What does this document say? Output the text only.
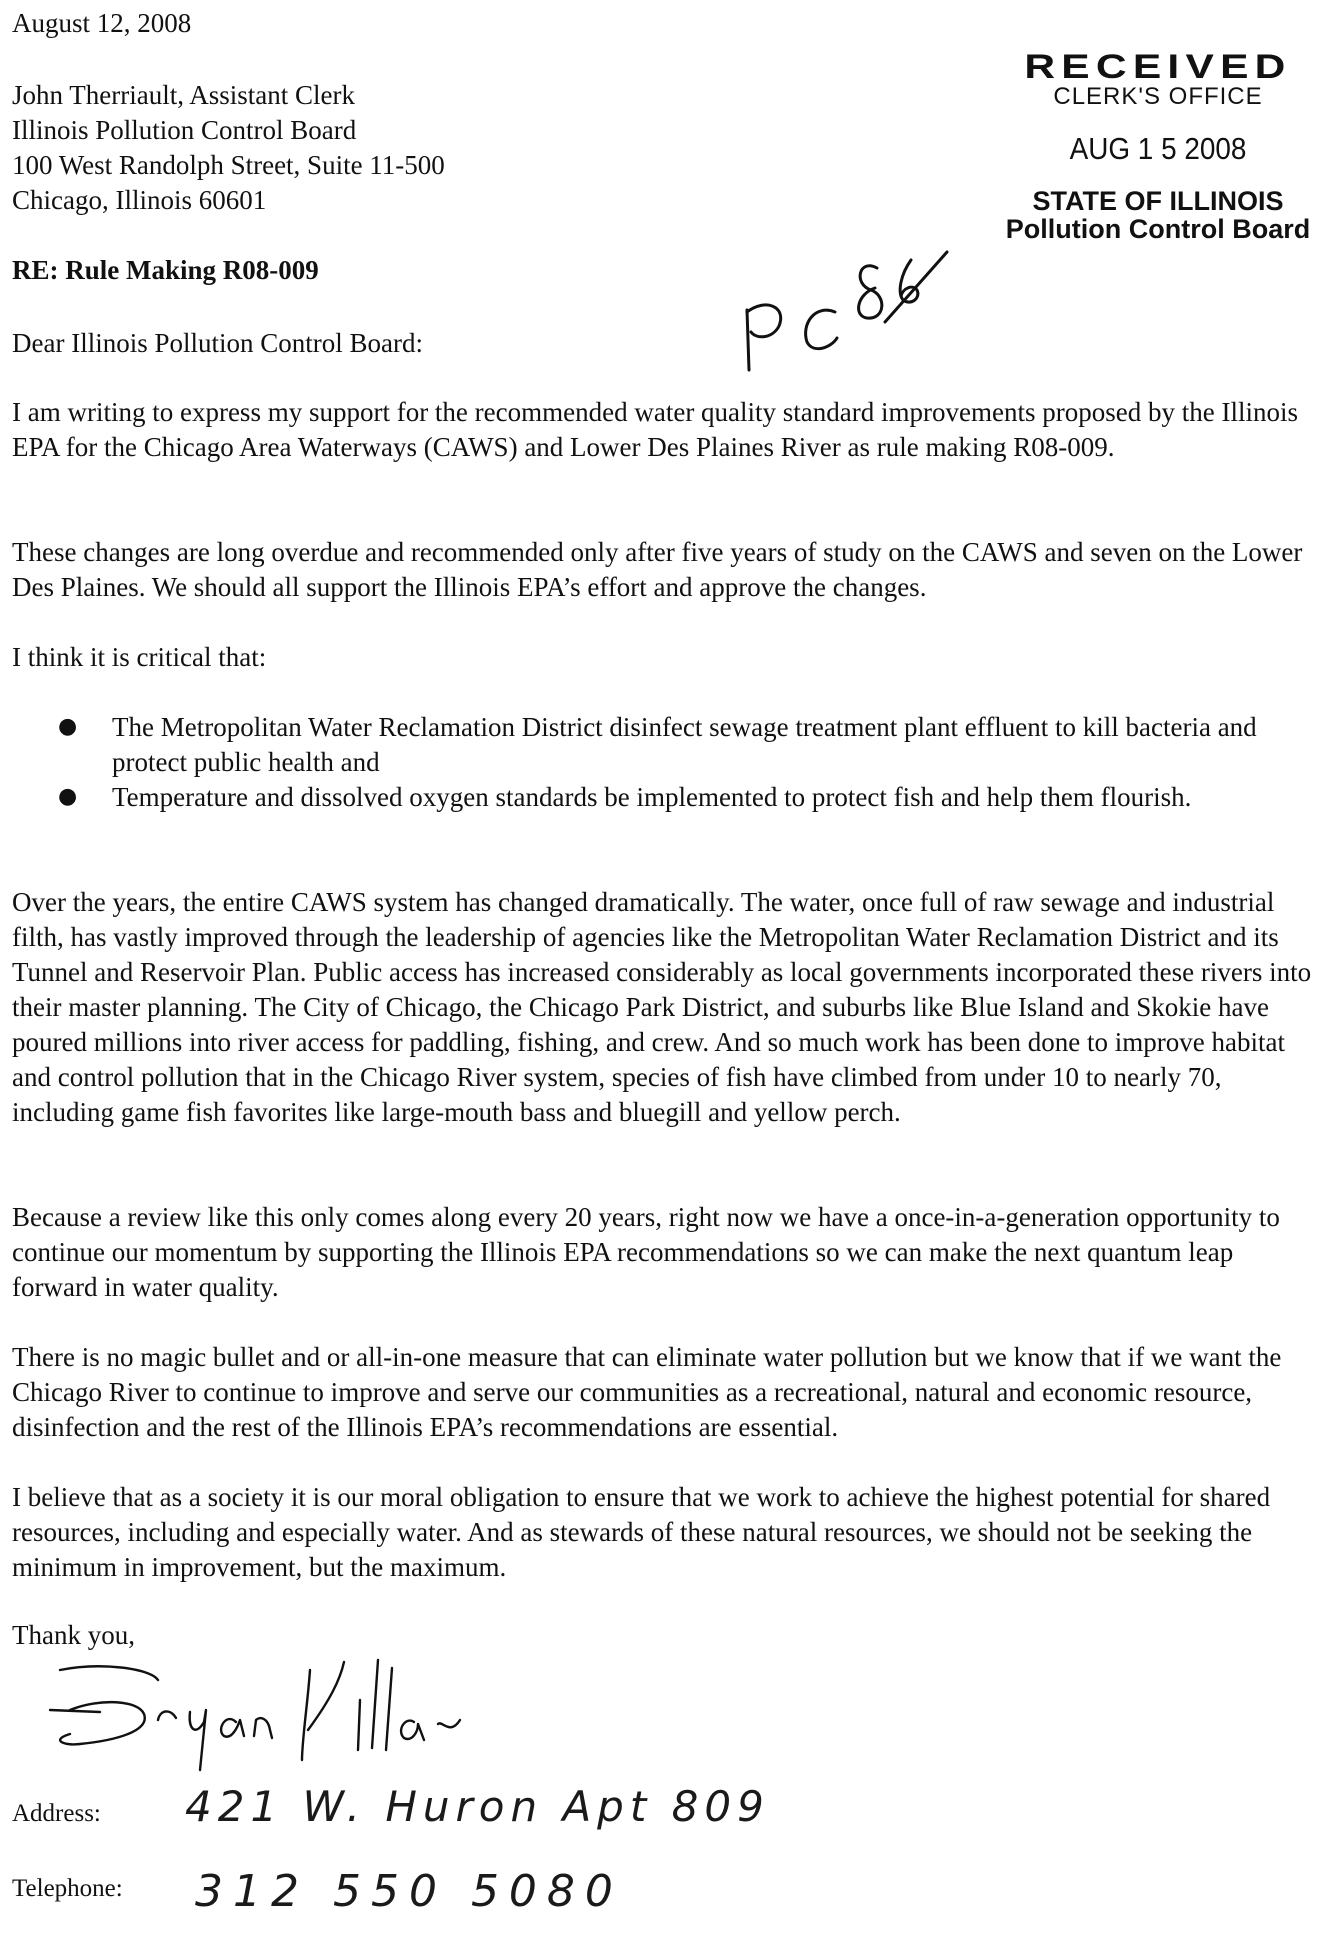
August 12, 2008
John Therriault, Assistant Clerk
Illinois Pollution Control Board
100 West Randolph Street, Suite 11-500
Chicago, Illinois 60601
RECEIVED
CLERK'S OFFICE
AUG 1 5 2008
STATE OF ILLINOIS
Pollution Control Board
RE: Rule Making R08-009
Dear Illinois Pollution Control Board:
I am writing to express my support for the recommended water quality standard improvements proposed by the Illinois EPA for the Chicago Area Waterways (CAWS) and Lower Des Plaines River as rule making R08-009.
These changes are long overdue and recommended only after five years of study on the CAWS and seven on the Lower Des Plaines. We should all support the Illinois EPA’s effort and approve the changes.
I think it is critical that:
● The Metropolitan Water Reclamation District disinfect sewage treatment plant effluent to kill bacteria and protect public health and
● Temperature and dissolved oxygen standards be implemented to protect fish and help them flourish.
Over the years, the entire CAWS system has changed dramatically. The water, once full of raw sewage and industrial filth, has vastly improved through the leadership of agencies like the Metropolitan Water Reclamation District and its Tunnel and Reservoir Plan. Public access has increased considerably as local governments incorporated these rivers into their master planning. The City of Chicago, the Chicago Park District, and suburbs like Blue Island and Skokie have poured millions into river access for paddling, fishing, and crew. And so much work has been done to improve habitat and control pollution that in the Chicago River system, species of fish have climbed from under 10 to nearly 70, including game fish favorites like large-mouth bass and bluegill and yellow perch.
Because a review like this only comes along every 20 years, right now we have a once-in-a-generation opportunity to continue our momentum by supporting the Illinois EPA recommendations so we can make the next quantum leap forward in water quality.
There is no magic bullet and or all-in-one measure that can eliminate water pollution but we know that if we want the Chicago River to continue to improve and serve our communities as a recreational, natural and economic resource, disinfection and the rest of the Illinois EPA’s recommendations are essential.
I believe that as a society it is our moral obligation to ensure that we work to achieve the highest potential for shared resources, including and especially water. And as stewards of these natural resources, we should not be seeking the minimum in improvement, but the maximum.
Thank you,
Address: 421 W. Huron Apt 809
Telephone: 312 550 5080
